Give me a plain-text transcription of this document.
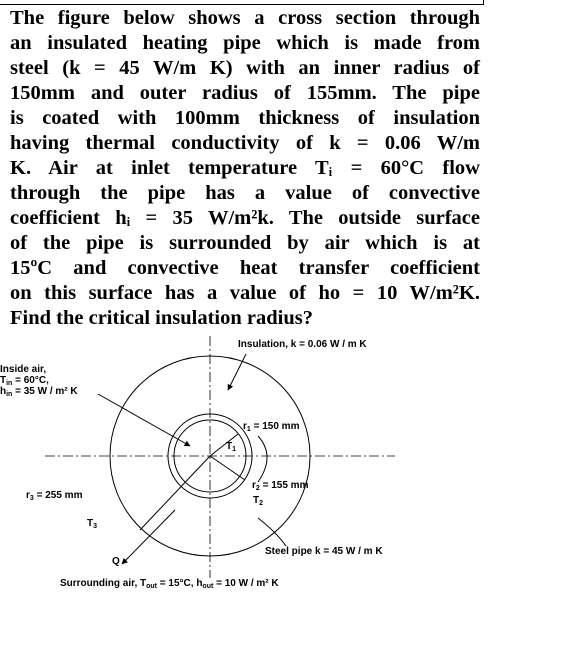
The figure below shows a cross section through
an insulated heating pipe which is made from
steel (k = 45 W/m K) with an inner radius of
150mm and outer radius of 155mm. The pipe
is coated with 100mm thickness of insulation
having thermal conductivity of k = 0.06 W/m
K. Air at inlet temperature Tᵢ = 60°C flow
through the pipe has a value of convective
coefficient hᵢ = 35 W/m²k. The outside surface
of the pipe is surrounded by air which is at
15ºC and convective heat transfer coefficient
on this surface has a value of ho = 10 W/m²K.
Find the critical insulation radius?
Insulation, k = 0.06 W / m K
Inside air,
$T_{in} = 60^\circ C$,
$h_{in} = 35$ W / m² K
$r_1 = 150$ mm
$T_1$
$r_2 = 155$ mm
$T_2$
$r_3 = 255$ mm
$T_3$
Q
Steel pipe k = 45 W / m K
Surrounding air, $T_{out} = 15^\circ C$, $h_{out} = 10$ W / m² K
